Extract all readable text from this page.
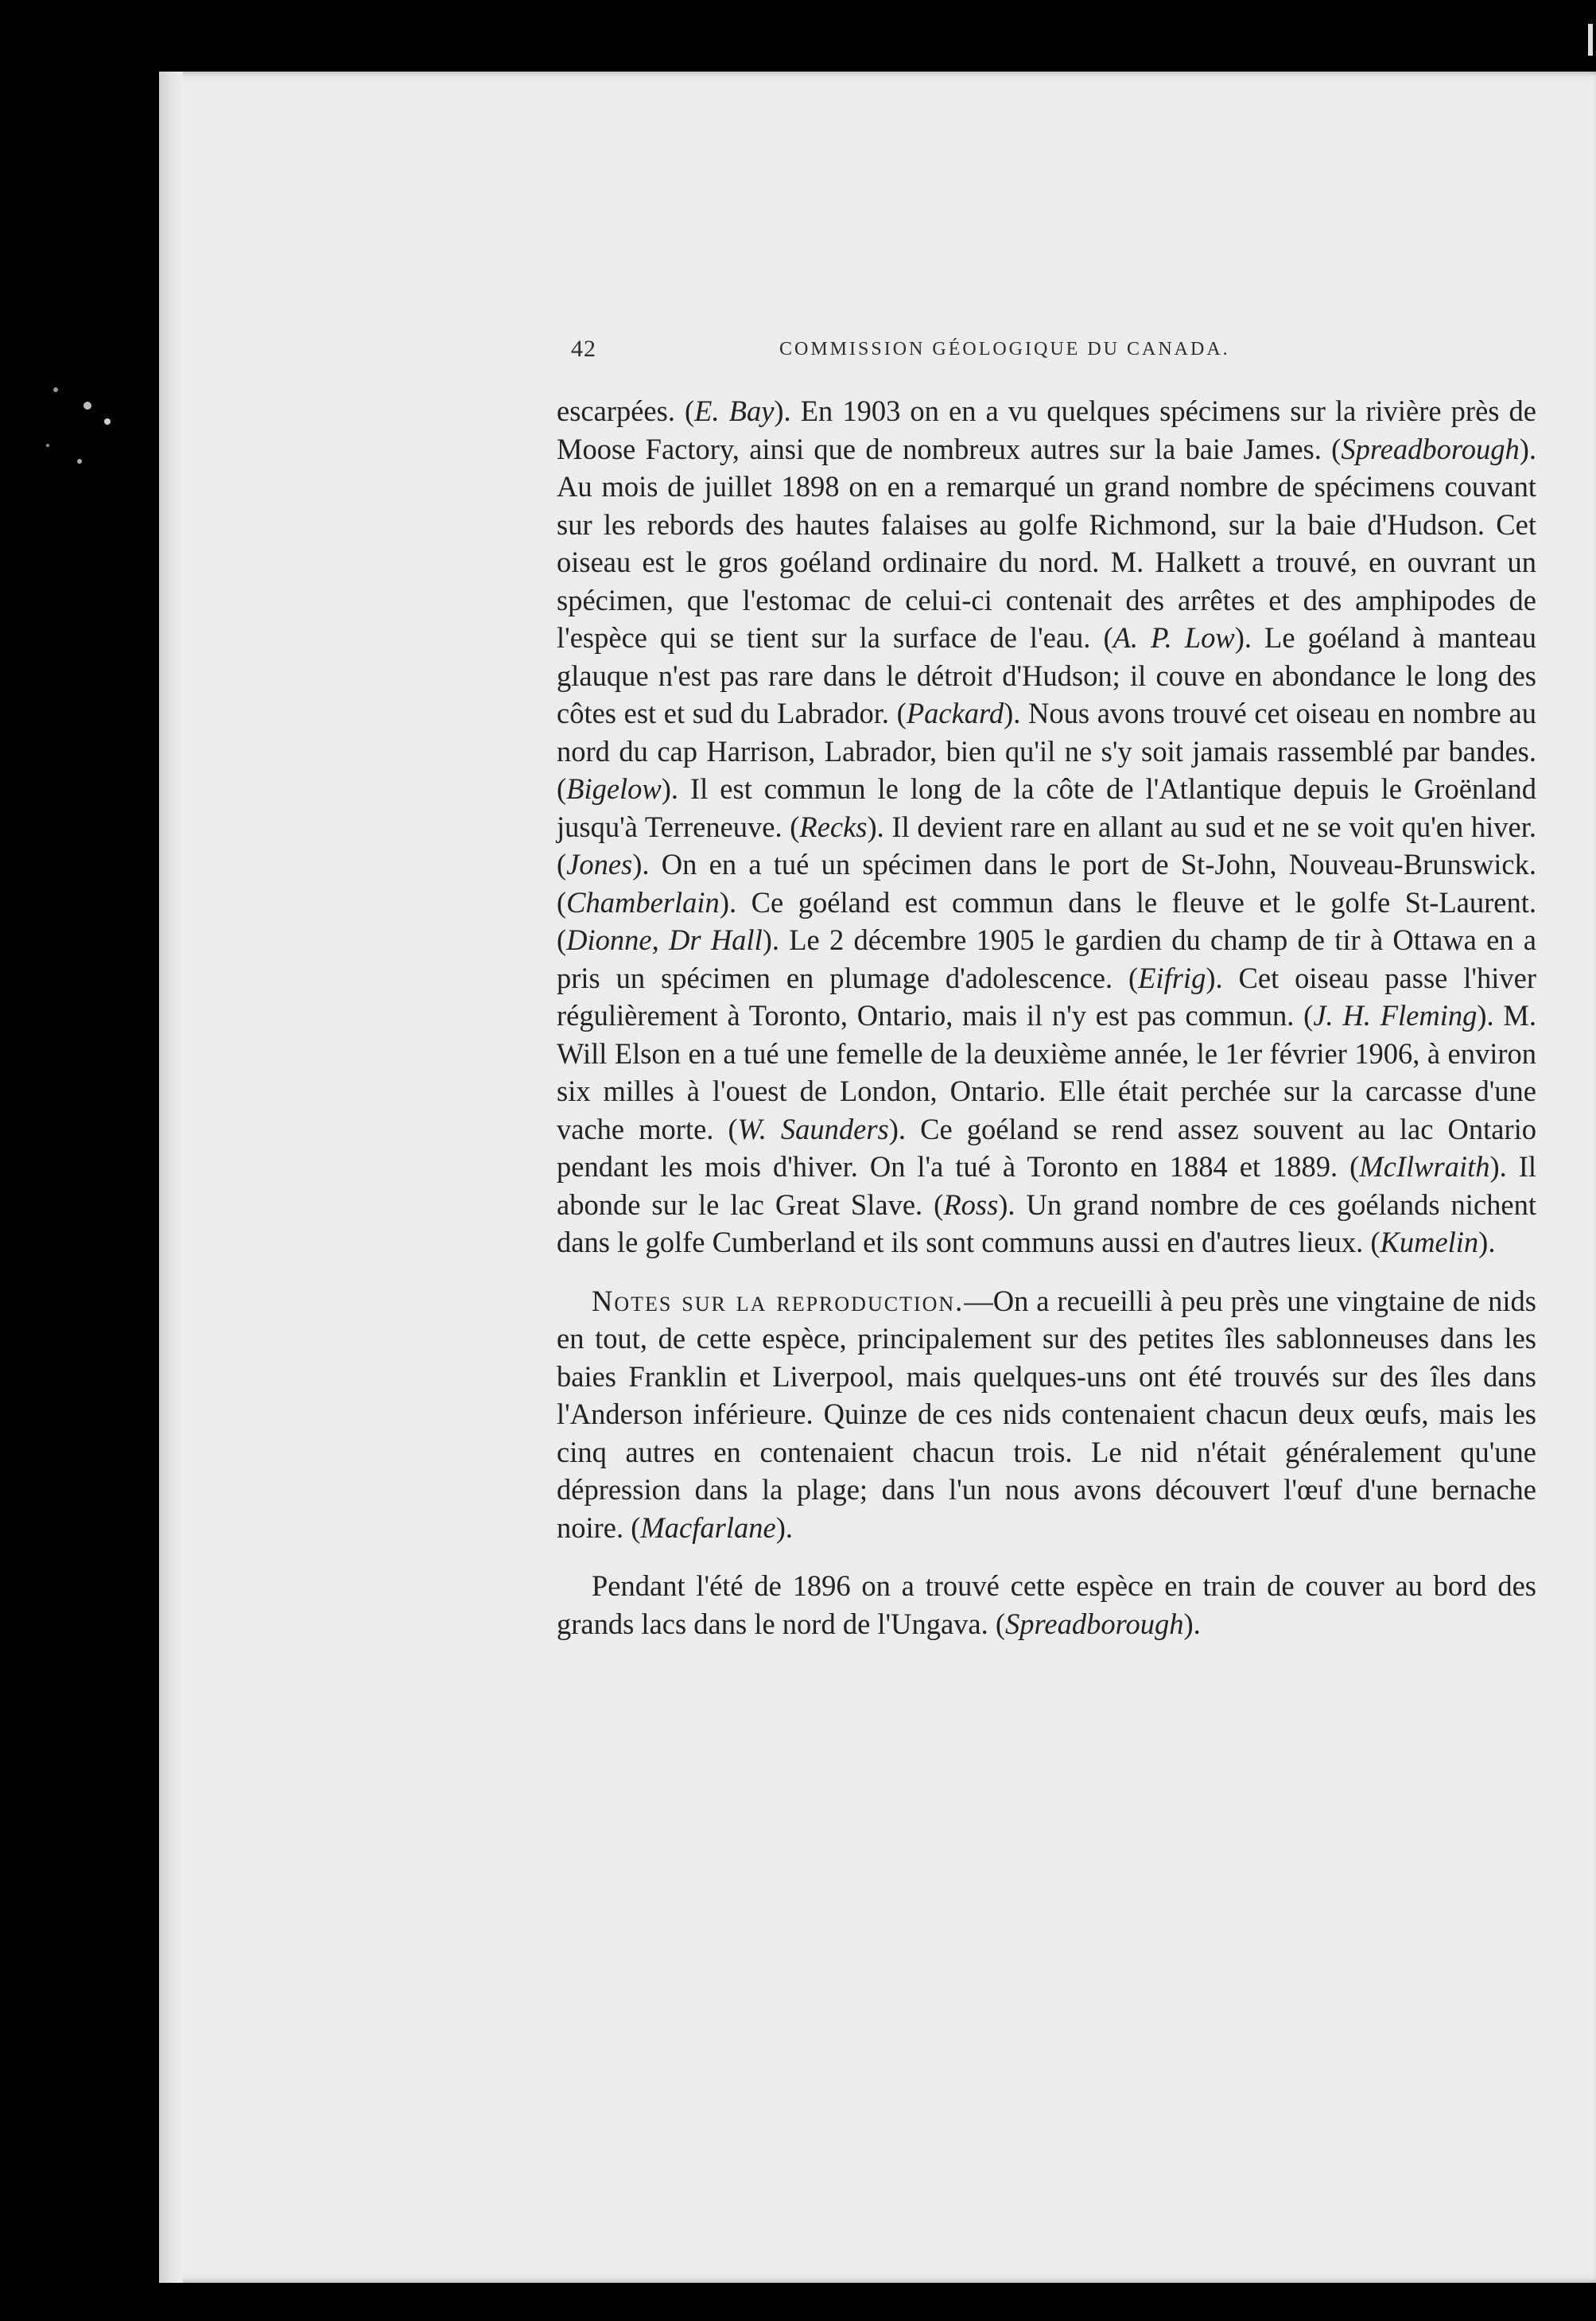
42	COMMISSION GÉOLOGIQUE DU CANADA.

escarpées. (E. Bay). En 1903 on en a vu quelques spécimens sur la rivière près de Moose Factory, ainsi que de nombreux autres sur la baie James. (Spreadborough). Au mois de juillet 1898 on en a remarqué un grand nombre de spécimens couvant sur les rebords des hautes falaises au golfe Richmond, sur la baie d'Hudson. Cet oiseau est le gros goéland ordinaire du nord. M. Halkett a trouvé, en ouvrant un spécimen, que l'estomac de celui-ci contenait des arrêtes et des amphipodes de l'espèce qui se tient sur la surface de l'eau. (A. P. Low). Le goéland à manteau glauque n'est pas rare dans le détroit d'Hudson; il couve en abondance le long des côtes est et sud du Labrador. (Packard). Nous avons trouvé cet oiseau en nombre au nord du cap Harrison, Labrador, bien qu'il ne s'y soit jamais rassemblé par bandes. (Bigelow). Il est commun le long de la côte de l'Atlantique depuis le Groënland jusqu'à Terreneuve. (Recks). Il devient rare en allant au sud et ne se voit qu'en hiver. (Jones). On en a tué un spécimen dans le port de St-John, Nouveau-Brunswick. (Chamberlain). Ce goéland est commun dans le fleuve et le golfe St-Laurent. (Dionne, Dr Hall). Le 2 décembre 1905 le gardien du champ de tir à Ottawa en a pris un spécimen en plumage d'adolescence. (Eifrig). Cet oiseau passe l'hiver régulièrement à Toronto, Ontario, mais il n'y est pas commun. (J. H. Fleming). M. Will Elson en a tué une femelle de la deuxième année, le 1er février 1906, à environ six milles à l'ouest de London, Ontario. Elle était perchée sur la carcasse d'une vache morte. (W. Saunders). Ce goéland se rend assez souvent au lac Ontario pendant les mois d'hiver. On l'a tué à Toronto en 1884 et 1889. (McIlwraith). Il abonde sur le lac Great Slave. (Ross). Un grand nombre de ces goélands nichent dans le golfe Cumberland et ils sont communs aussi en d'autres lieux. (Kumelin).

Notes sur la reproduction.—On a recueilli à peu près une vingtaine de nids en tout, de cette espèce, principalement sur des petites îles sablonneuses dans les baies Franklin et Liverpool, mais quelques-uns ont été trouvés sur des îles dans l'Anderson inférieure. Quinze de ces nids contenaient chacun deux œufs, mais les cinq autres en contenaient chacun trois. Le nid n'était généralement qu'une dépression dans la plage; dans l'un nous avons découvert l'œuf d'une bernache noire. (Macfarlane).

Pendant l'été de 1896 on a trouvé cette espèce en train de couver au bord des grands lacs dans le nord de l'Ungava. (Spreadborough).
